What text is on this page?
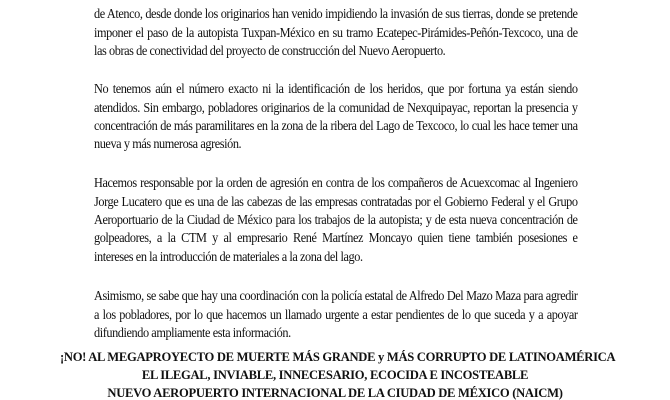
de Atenco, desde donde los originarios han venido impidiendo la invasión de sus tierras, donde se pretende imponer el paso de la autopista Tuxpan-México en su tramo Ecatepec-Pirámides-Peñón-Texcoco, una de las obras de conectividad del proyecto de construcción del Nuevo Aeropuerto.

No tenemos aún el número exacto ni la identificación de los heridos, que por fortuna ya están siendo atendidos. Sin embargo, pobladores originarios de la comunidad de Nexquipayac, reportan la presencia y concentración de más paramilitares en la zona de la ribera del Lago de Texcoco, lo cual les hace temer una nueva y más numerosa agresión.

Hacemos responsable por la orden de agresión en contra de los compañeros de Acuexcomac al Ingeniero Jorge Lucatero que es una de las cabezas de las empresas contratadas por el Gobierno Federal y el Grupo Aeroportuario de la Ciudad de México para los trabajos de la autopista; y de esta nueva concentración de golpeadores, a la CTM y al empresario René Martínez Moncayo quien tiene también posesiones e intereses en la introducción de materiales a la zona del lago.

Asimismo, se sabe que hay una coordinación con la policía estatal de Alfredo Del Mazo Maza para agredir a los pobladores, por lo que hacemos un llamado urgente a estar pendientes de lo que suceda y a apoyar difundiendo ampliamente esta información.

¡NO! AL MEGAPROYECTO DE MUERTE MÁS GRANDE y MÁS CORRUPTO DE LATINOAMÉRICA
EL ILEGAL, INVIABLE, INNECESARIO, ECOCIDA E INCOSTEABLE
NUEVO AEROPUERTO INTERNACIONAL DE LA CIUDAD DE MÉXICO (NAICM)
